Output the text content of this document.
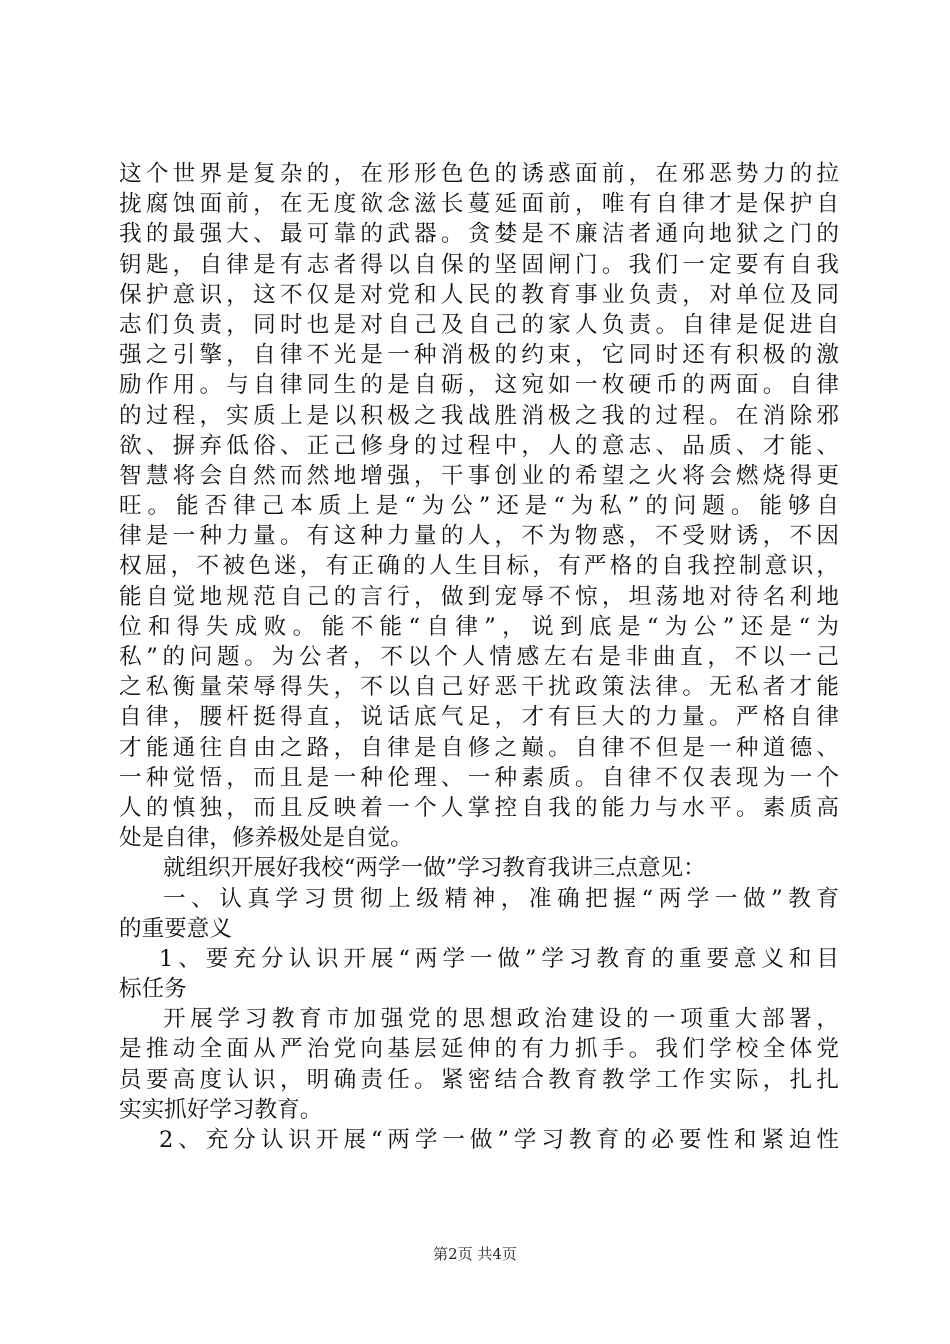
这个世界是复杂的，在形形色色的诱惑面前，在邪恶势力的拉
拢腐蚀面前，在无度欲念滋长蔓延面前，唯有自律才是保护自
我的最强大、最可靠的武器。贪婪是不廉洁者通向地狱之门的
钥匙，自律是有志者得以自保的坚固闸门。我们一定要有自我
保护意识，这不仅是对党和人民的教育事业负责，对单位及同
志们负责，同时也是对自己及自己的家人负责。自律是促进自
强之引擎，自律不光是一种消极的约束，它同时还有积极的激
励作用。与自律同生的是自砺，这宛如一枚硬币的两面。自律
的过程，实质上是以积极之我战胜消极之我的过程。在消除邪
欲、摒弃低俗、正己修身的过程中，人的意志、品质、才能、
智慧将会自然而然地增强，干事创业的希望之火将会燃烧得更
旺。能否律己本质上是“为公”还是“为私”的问题。能够自
律是一种力量。有这种力量的人，不为物惑，不受财诱，不因
权屈，不被色迷，有正确的人生目标，有严格的自我控制意识，
能自觉地规范自己的言行，做到宠辱不惊，坦荡地对待名利地
位和得失成败。能不能“自律”，说到底是“为公”还是“为
私”的问题。为公者，不以个人情感左右是非曲直，不以一己
之私衡量荣辱得失，不以自己好恶干扰政策法律。无私者才能
自律，腰杆挺得直，说话底气足，才有巨大的力量。严格自律
才能通往自由之路，自律是自修之巅。自律不但是一种道德、
一种觉悟，而且是一种伦理、一种素质。自律不仅表现为一个
人的慎独，而且反映着一个人掌控自我的能力与水平。素质高
处是自律，修养极处是自觉。
就组织开展好我校“两学一做”学习教育我讲三点意见：
一、认真学习贯彻上级精神，准确把握“两学一做”教育
的重要意义
1、要充分认识开展“两学一做”学习教育的重要意义和目
标任务
开展学习教育市加强党的思想政治建设的一项重大部署，
是推动全面从严治党向基层延伸的有力抓手。我们学校全体党
员要高度认识，明确责任。紧密结合教育教学工作实际，扎扎
实实抓好学习教育。
2、充分认识开展“两学一做”学习教育的必要性和紧迫性
第2页 共4页
